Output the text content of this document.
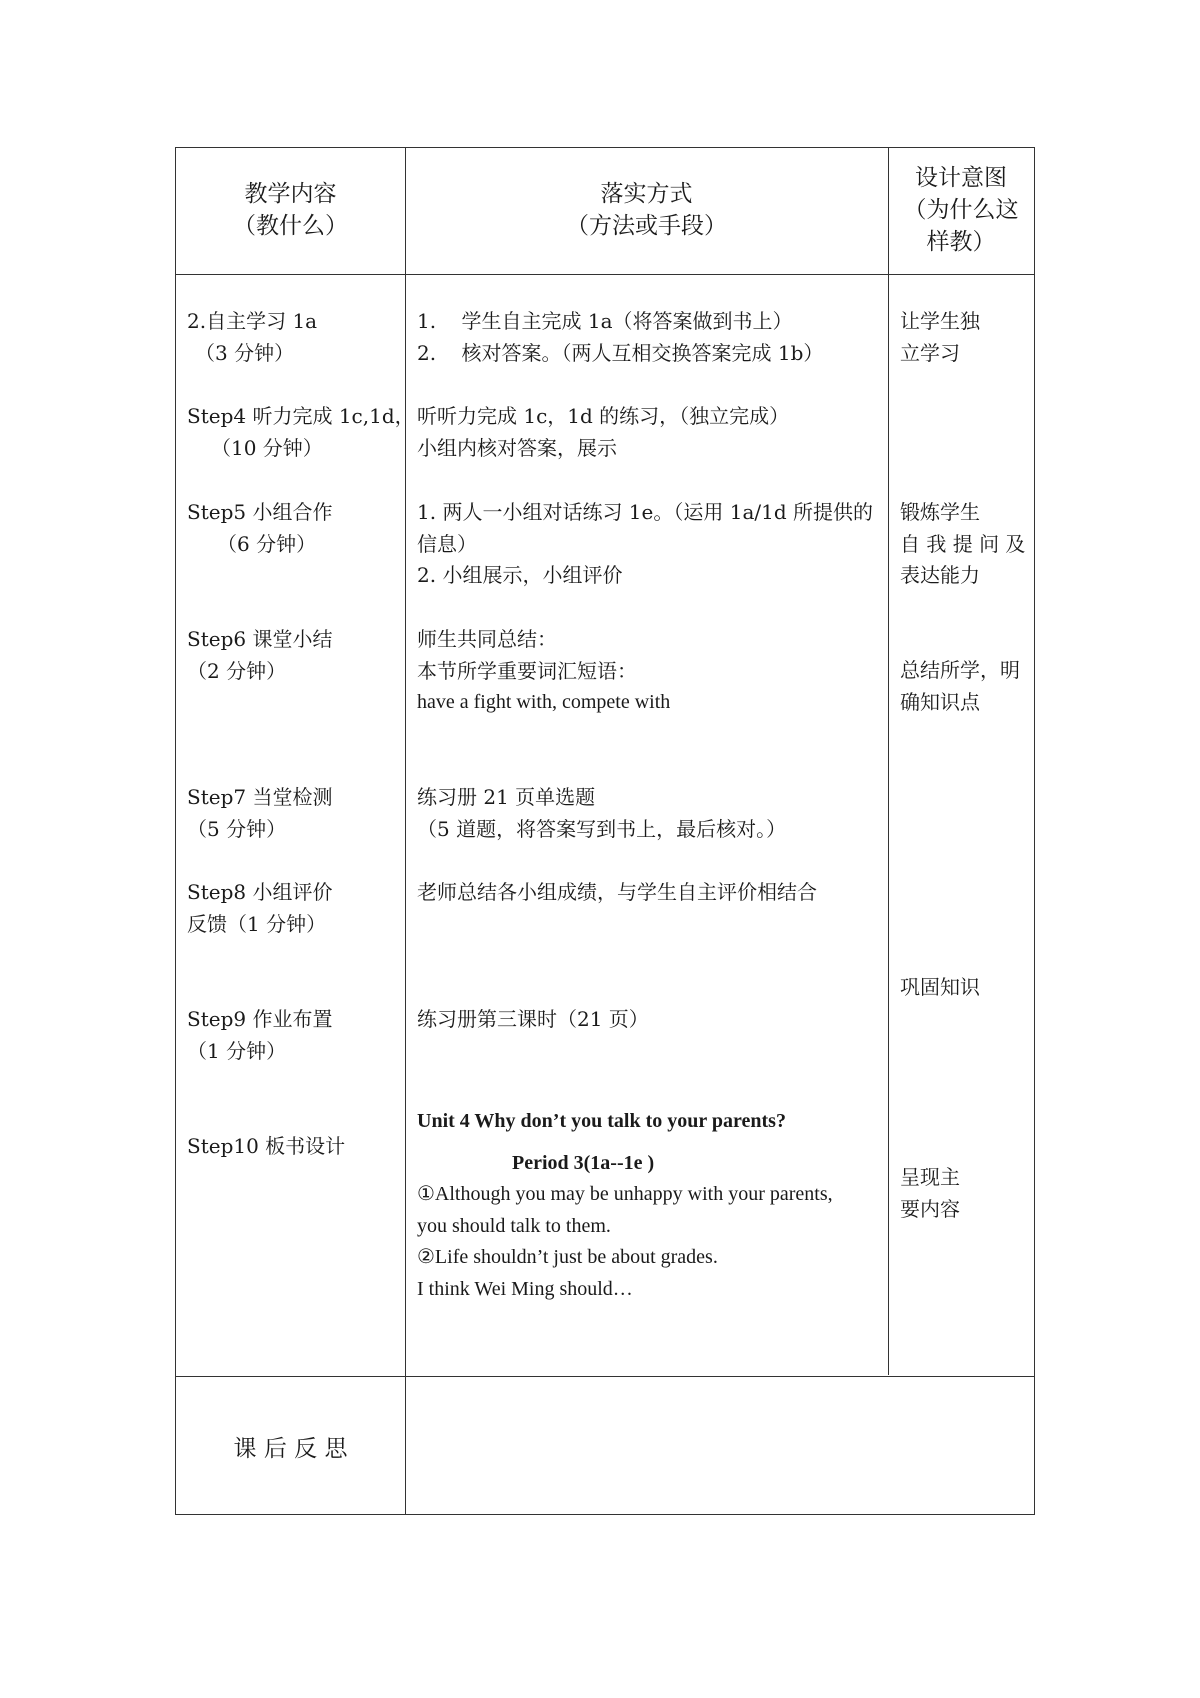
教学内容
（教什么）
落实方式
（方法或手段）
设计意图
（为什么这
样教）
2.自主学习 1a
（3 分钟）
Step4 听力完成 1c,1d，
（10 分钟）
Step5 小组合作
（6 分钟）
Step6 课堂小结
（2 分钟）
Step7 当堂检测
（5 分钟）
Step8 小组评价
反馈（1 分钟）
Step9 作业布置
（1 分钟）
Step10 板书设计
1.    学生自主完成 1a（将答案做到书上）
2.    核对答案。（两人互相交换答案完成 1b）
听听力完成 1c，1d 的练习，（独立完成）
小组内核对答案，展示
1. 两人一小组对话练习 1e。（运用 1a/1d 所提供的
信息）
2. 小组展示，小组评价
师生共同总结：
本节所学重要词汇短语：
have a fight with, compete with
练习册 21 页单选题
（5 道题，将答案写到书上，最后核对。）
老师总结各小组成绩，与学生自主评价相结合
练习册第三课时（21 页）
Unit 4 Why don’t you talk to your parents?
Period 3(1a--1e )
①Although you may be unhappy with your parents,
you should talk to them.
②Life shouldn’t just be about grades.
I think Wei Ming should…
让学生独
立学习
锻炼学生
自 我 提 问 及
表达能力
总结所学，明
确知识点
巩固知识
呈现主
要内容
课 后 反 思
